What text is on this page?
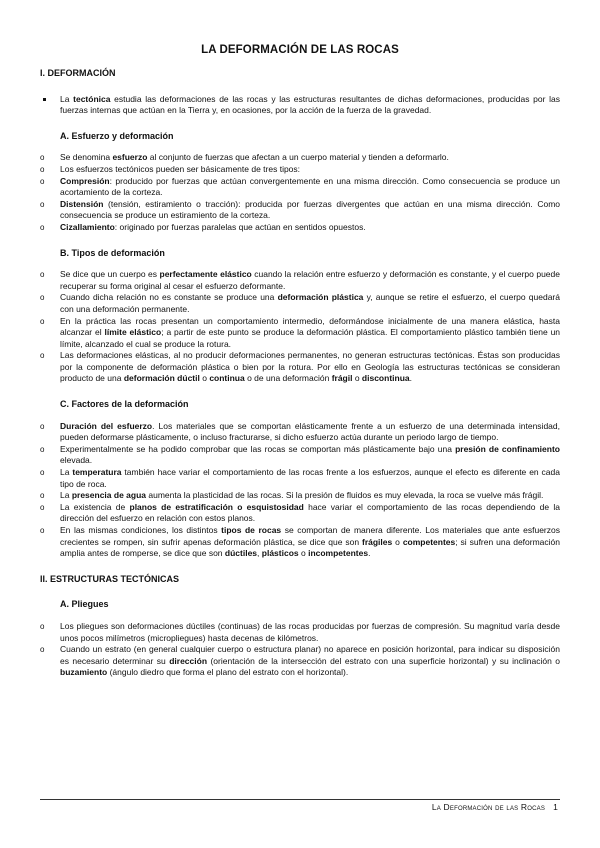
LA DEFORMACIÓN DE LAS ROCAS
I. DEFORMACIÓN
La tectónica estudia las deformaciones de las rocas y las estructuras resultantes de dichas deformaciones, producidas por las fuerzas internas que actúan en la Tierra y, en ocasiones, por la acción de la fuerza de la gravedad.
A. Esfuerzo y deformación
o Se denomina esfuerzo al conjunto de fuerzas que afectan a un cuerpo material y tienden a deformarlo.
o Los esfuerzos tectónicos pueden ser básicamente de tres tipos:
o Compresión: producido por fuerzas que actúan convergentemente en una misma dirección. Como consecuencia se produce un acortamiento de la corteza.
o Distensión (tensión, estiramiento o tracción): producida por fuerzas divergentes que actúan en una misma dirección. Como consecuencia se produce un estiramiento de la corteza.
o Cizallamiento: originado por fuerzas paralelas que actúan en sentidos opuestos.
B. Tipos de deformación
o Se dice que un cuerpo es perfectamente elástico cuando la relación entre esfuerzo y deformación es constante, y el cuerpo puede recuperar su forma original al cesar el esfuerzo deformante.
o Cuando dicha relación no es constante se produce una deformación plástica y, aunque se retire el esfuerzo, el cuerpo quedará con una deformación permanente.
o En la práctica las rocas presentan un comportamiento intermedio, deformándose inicialmente de una manera elástica, hasta alcanzar el límite elástico; a partir de este punto se produce la deformación plástica. El comportamiento plástico también tiene un límite, alcanzado el cual se produce la rotura.
o Las deformaciones elásticas, al no producir deformaciones permanentes, no generan estructuras tectónicas. Éstas son producidas por la componente de deformación plástica o bien por la rotura. Por ello en Geología las estructuras tectónicas se consideran producto de una deformación dúctil o continua o de una deformación frágil o discontinua.
C. Factores de la deformación
o Duración del esfuerzo. Los materiales que se comportan elásticamente frente a un esfuerzo de una determinada intensidad, pueden deformarse plásticamente, o incluso fracturarse, si dicho esfuerzo actúa durante un periodo largo de tiempo.
o Experimentalmente se ha podido comprobar que las rocas se comportan más plásticamente bajo una presión de confinamiento elevada.
o La temperatura también hace variar el comportamiento de las rocas frente a los esfuerzos, aunque el efecto es diferente en cada tipo de roca.
o La presencia de agua aumenta la plasticidad de las rocas. Si la presión de fluidos es muy elevada, la roca se vuelve más frágil.
o La existencia de planos de estratificación o esquistosidad hace variar el comportamiento de las rocas dependiendo de la dirección del esfuerzo en relación con estos planos.
o En las mismas condiciones, los distintos tipos de rocas se comportan de manera diferente. Los materiales que ante esfuerzos crecientes se rompen, sin sufrir apenas deformación plástica, se dice que son frágiles o competentes; si sufren una deformación amplia antes de romperse, se dice que son dúctiles, plásticos o incompetentes.
II. ESTRUCTURAS TECTÓNICAS
A. Pliegues
o Los pliegues son deformaciones dúctiles (continuas) de las rocas producidas por fuerzas de compresión. Su magnitud varía desde unos pocos milímetros (micropliegues) hasta decenas de kilómetros.
o Cuando un estrato (en general cualquier cuerpo o estructura planar) no aparece en posición horizontal, para indicar su disposición es necesario determinar su dirección (orientación de la intersección del estrato con una superficie horizontal) y su inclinación o buzamiento (ángulo diedro que forma el plano del estrato con el horizontal).
La Deformación de las Rocas 1
